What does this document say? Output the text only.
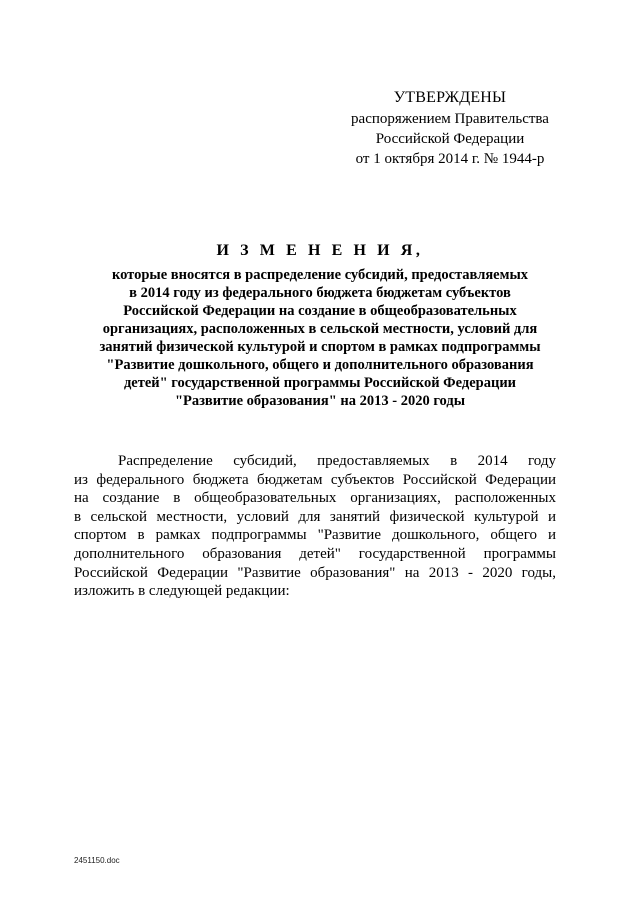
УТВЕРЖДЕНЫ
распоряжением Правительства
Российской Федерации
от 1 октября 2014 г. № 1944-р
И З М Е Н Е Н И Я,
которые вносятся в распределение субсидий, предоставляемых
в 2014 году из федерального бюджета бюджетам субъектов
Российской Федерации на создание в общеобразовательных
организациях, расположенных в сельской местности, условий для
занятий физической культурой и спортом в рамках подпрограммы
"Развитие дошкольного, общего и дополнительного образования
детей" государственной программы Российской Федерации
"Развитие образования" на 2013 - 2020 годы
Распределение субсидий, предоставляемых в 2014 году
из федерального бюджета бюджетам субъектов Российской Федерации
на создание в общеобразовательных организациях, расположенных
в сельской местности, условий для занятий физической культурой и
спортом в рамках подпрограммы "Развитие дошкольного, общего и
дополнительного образования детей" государственной программы
Российской Федерации "Развитие образования" на 2013 - 2020 годы,
изложить в следующей редакции:
2451150.doc
